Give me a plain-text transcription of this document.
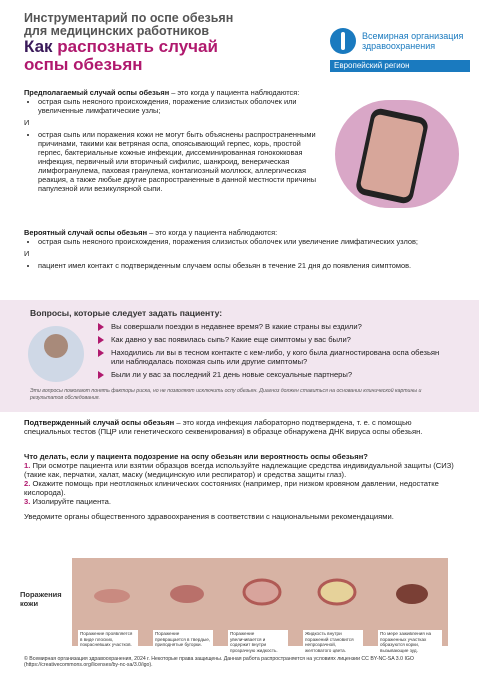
Инструментарий по оспе обезьян
для медицинских работников
Как распознать случай
оспы обезьян
Всемирная организация
здравоохранения
Европейский регион
Предполагаемый случай оспы обезьян – это когда у пациента наблюдаются:
• острая сыпь неясного происхождения, поражение слизистых оболочек или увеличенные лимфатические узлы;
И
• острая сыпь или поражения кожи не могут быть объяснены распространенными причинами, такими как ветряная оспа, опоясывающий герпес, корь, простой герпес, бактериальные кожные инфекции, диссеминированная гонококковая инфекция, первичный или вторичный сифилис, шанкроид, венерическая лимфогранулема, паховая гранулема, контагиозный моллюск, аллергическая реакция, а также любые другие распространенные в данной местности причины папулезной или везикулярной сыпи.
Вероятный случай оспы обезьян – это когда у пациента наблюдаются:
• острая сыпь неясного происхождения, поражения слизистых оболочек или увеличение лимфатических узлов;
И
• пациент имел контакт с подтвержденным случаем оспы обезьян в течение 21 дня до появления симптомов.
Вопросы, которые следует задать пациенту:
Вы совершали поездки в недавнее время? В какие страны вы ездили?
Как давно у вас появилась сыпь? Какие еще симптомы у вас были?
Находились ли вы в тесном контакте с кем-либо, у кого была диагностирована оспа обезьян или наблюдалась похожая сыпь или другие симптомы?
Были ли у вас за последний 21 день новые сексуальные партнеры?
Эти вопросы помогают понять факторы риска, но не позволяют исключить оспу обезьян. Диагноз должен ставиться на основании клинической картины и результатов обследования.
Подтвержденный случай оспы обезьян – это когда инфекция лабораторно подтверждена, т. е. с помощью специальных тестов (ПЦР или генетического секвенирования) в образце обнаружена ДНК вируса оспы обезьян.
Что делать, если у пациента подозрение на оспу обезьян или вероятность оспы обезьян?
1. При осмотре пациента или взятии образцов всегда используйте надлежащие средства индивидуальной защиты (СИЗ) (такие как, перчатки, халат, маску (медицинскую или респиратор) и средства защиты глаз).
2. Окажите помощь при неотложных клинических состояниях (например, при низком кровяном давлении, недостатке кислорода).
3. Изолируйте пациента.
Уведомите органы общественного здравоохранения в соответствии с национальными рекомендациями.
Поражения
кожи
Поражение проявляется в виде плоских, покрасневших участков.
Поражение превращается в твердые, приподнятые бугорки.
Поражение увеличивается и содержит внутри прозрачную жидкость.
Жидкость внутри поражений становится непрозрачной, желтоватого цвета.
По мере заживления на пораженных участках образуются корки, вызывающие зуд.
© Всемирная организация здравоохранения, 2024 г. Некоторые права защищены. Данная работа распространяется на условиях лицензии CC BY-NC-SA 3.0 IGO (https://creativecommons.org/licenses/by-nc-sa/3.0/igo).
